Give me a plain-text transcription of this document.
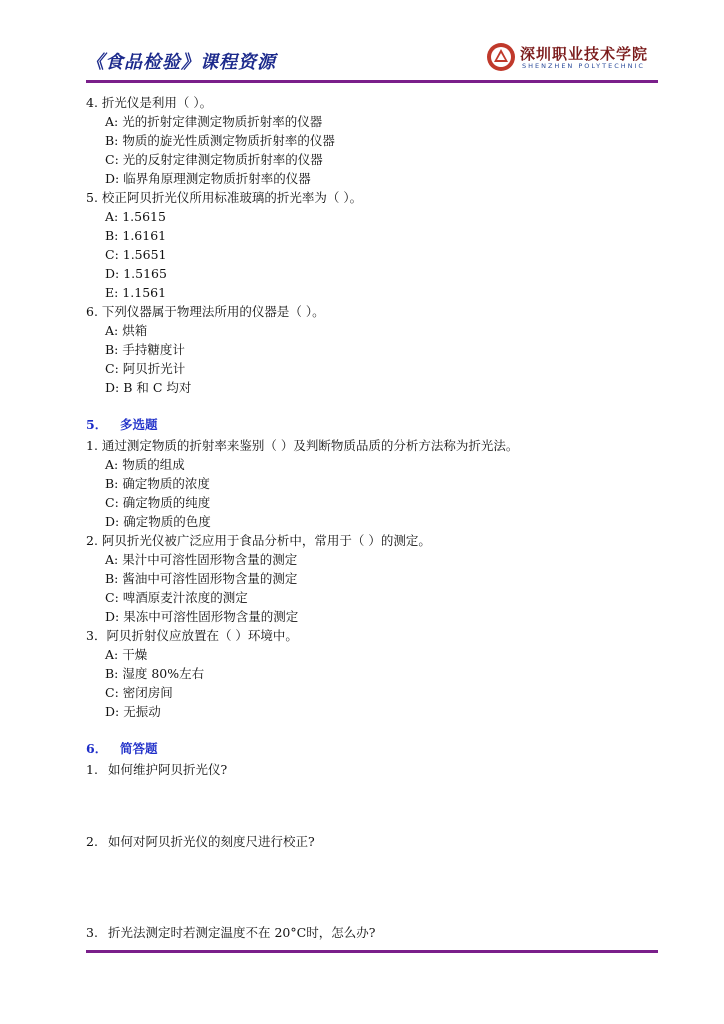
《食品检验》课程资源	深圳职业技术学院
SHENZHEN POLYTECHNIC

4. 折光仪是利用（ ）。

A: 光的折射定律测定物质折射率的仪器

B: 物质的旋光性质测定物质折射率的仪器

C: 光的反射定律测定物质折射率的仪器

D: 临界角原理测定物质折射率的仪器

5. 校正阿贝折光仪所用标准玻璃的折光率为（ ）。

A: 1.5615

B: 1.6161

C: 1.5651

D: 1.5165

E: 1.1561

6. 下列仪器属于物理法所用的仪器是（ ）。

A: 烘箱

B: 手持糖度计

C: 阿贝折光计

D: B 和 C 均对

5． 多选题

1. 通过测定物质的折射率来鉴别（ ）及判断物质品质的分析方法称为折光法。

A: 物质的组成

B: 确定物质的浓度

C: 确定物质的纯度

D: 确定物质的色度

2. 阿贝折光仪被广泛应用于食品分析中，常用于（ ）的测定。

A: 果汁中可溶性固形物含量的测定

B: 酱油中可溶性固形物含量的测定

C: 啤酒原麦汁浓度的测定

D: 果冻中可溶性固形物含量的测定

3．阿贝折射仪应放置在（ ）环境中。

A: 干燥

B: 湿度 80%左右

C: 密闭房间

D: 无振动

6． 简答题

1. 如何维护阿贝折光仪?

2. 如何对阿贝折光仪的刻度尺进行校正?

3. 折光法测定时若测定温度不在 20°C时，怎么办?
